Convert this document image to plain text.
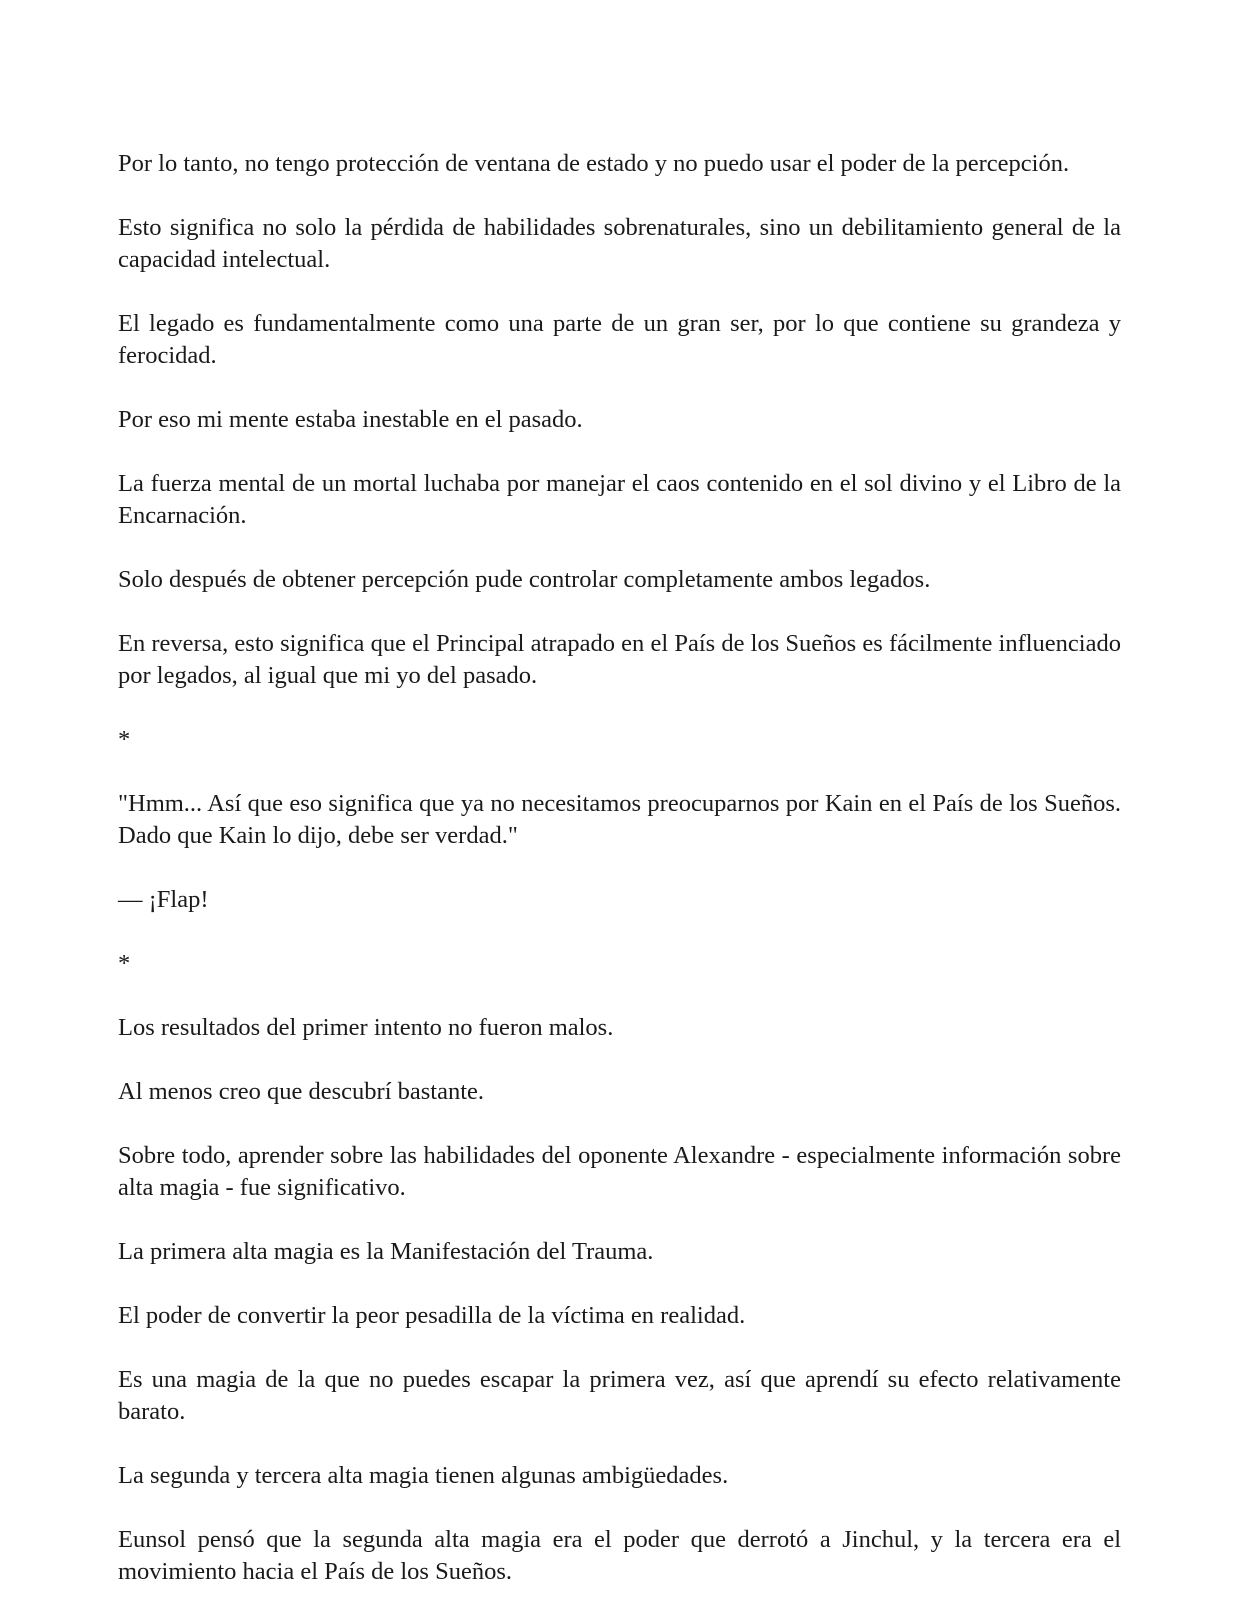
Por lo tanto, no tengo protección de ventana de estado y no puedo usar el poder de la percepción.

Esto significa no solo la pérdida de habilidades sobrenaturales, sino un debilitamiento general de la capacidad intelectual.

El legado es fundamentalmente como una parte de un gran ser, por lo que contiene su grandeza y ferocidad.

Por eso mi mente estaba inestable en el pasado.

La fuerza mental de un mortal luchaba por manejar el caos contenido en el sol divino y el Libro de la Encarnación.

Solo después de obtener percepción pude controlar completamente ambos legados.

En reversa, esto significa que el Principal atrapado en el País de los Sueños es fácilmente influenciado por legados, al igual que mi yo del pasado.

*

"Hmm... Así que eso significa que ya no necesitamos preocuparnos por Kain en el País de los Sueños. Dado que Kain lo dijo, debe ser verdad."

— ¡Flap!

*

Los resultados del primer intento no fueron malos.

Al menos creo que descubrí bastante.

Sobre todo, aprender sobre las habilidades del oponente Alexandre - especialmente información sobre alta magia - fue significativo.

La primera alta magia es la Manifestación del Trauma.

El poder de convertir la peor pesadilla de la víctima en realidad.

Es una magia de la que no puedes escapar la primera vez, así que aprendí su efecto relativamente barato.

La segunda y tercera alta magia tienen algunas ambigüedades.

Eunsol pensó que la segunda alta magia era el poder que derrotó a Jinchul, y la tercera era el movimiento hacia el País de los Sueños.
